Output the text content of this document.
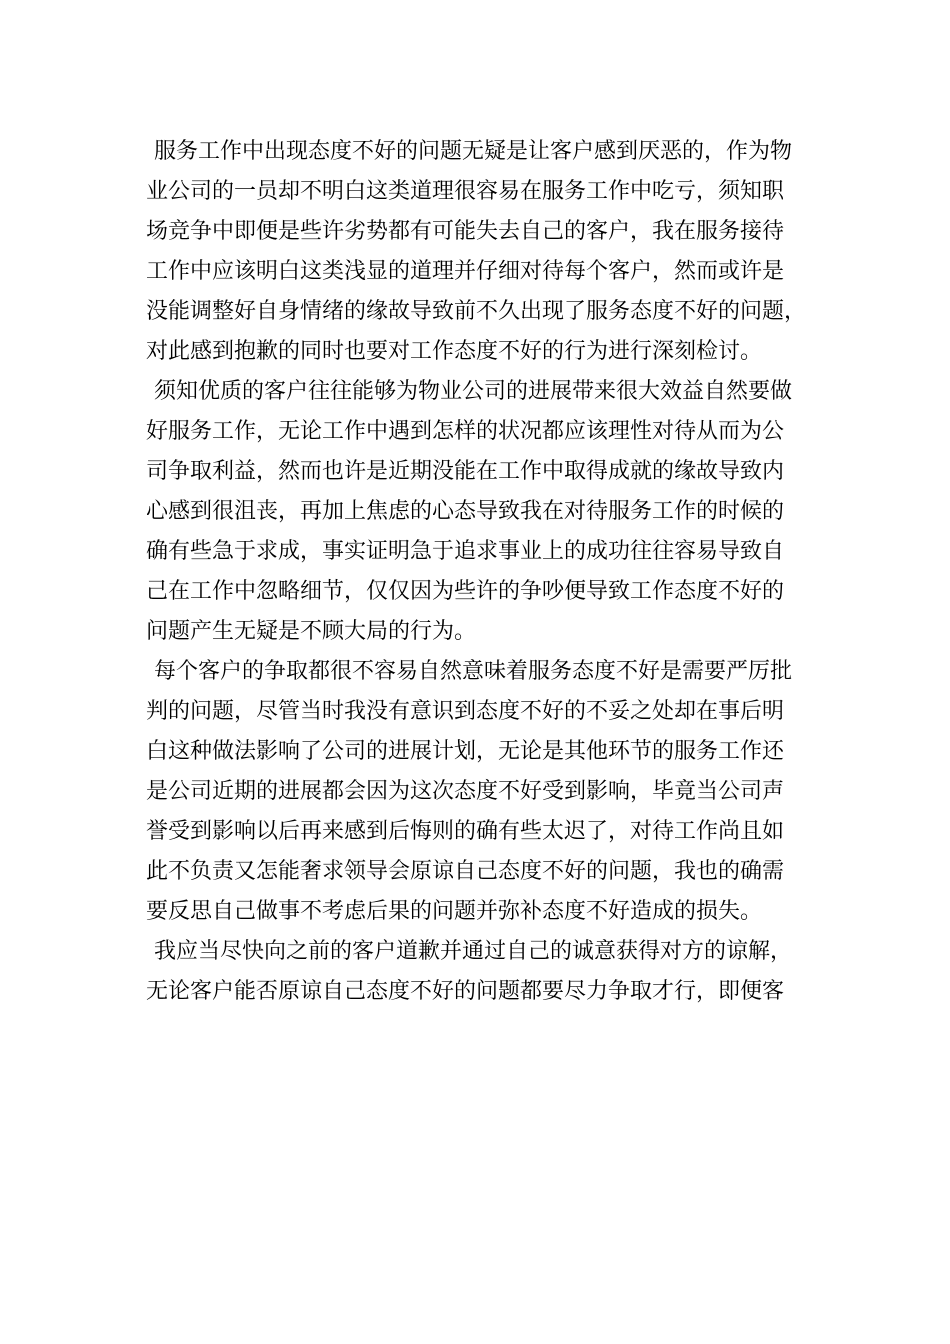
服务工作中出现态度不好的问题无疑是让客户感到厌恶的，作为物
业公司的一员却不明白这类道理很容易在服务工作中吃亏，须知职
场竞争中即便是些许劣势都有可能失去自己的客户，我在服务接待
工作中应该明白这类浅显的道理并仔细对待每个客户，然而或许是
没能调整好自身情绪的缘故导致前不久出现了服务态度不好的问题，
对此感到抱歉的同时也要对工作态度不好的行为进行深刻检讨。
须知优质的客户往往能够为物业公司的进展带来很大效益自然要做
好服务工作，无论工作中遇到怎样的状况都应该理性对待从而为公
司争取利益，然而也许是近期没能在工作中取得成就的缘故导致内
心感到很沮丧，再加上焦虑的心态导致我在对待服务工作的时候的
确有些急于求成，事实证明急于追求事业上的成功往往容易导致自
己在工作中忽略细节，仅仅因为些许的争吵便导致工作态度不好的
问题产生无疑是不顾大局的行为。
每个客户的争取都很不容易自然意味着服务态度不好是需要严厉批
判的问题，尽管当时我没有意识到态度不好的不妥之处却在事后明
白这种做法影响了公司的进展计划，无论是其他环节的服务工作还
是公司近期的进展都会因为这次态度不好受到影响，毕竟当公司声
誉受到影响以后再来感到后悔则的确有些太迟了，对待工作尚且如
此不负责又怎能奢求领导会原谅自己态度不好的问题，我也的确需
要反思自己做事不考虑后果的问题并弥补态度不好造成的损失。
我应当尽快向之前的客户道歉并通过自己的诚意获得对方的谅解，
无论客户能否原谅自己态度不好的问题都要尽力争取才行，即便客
